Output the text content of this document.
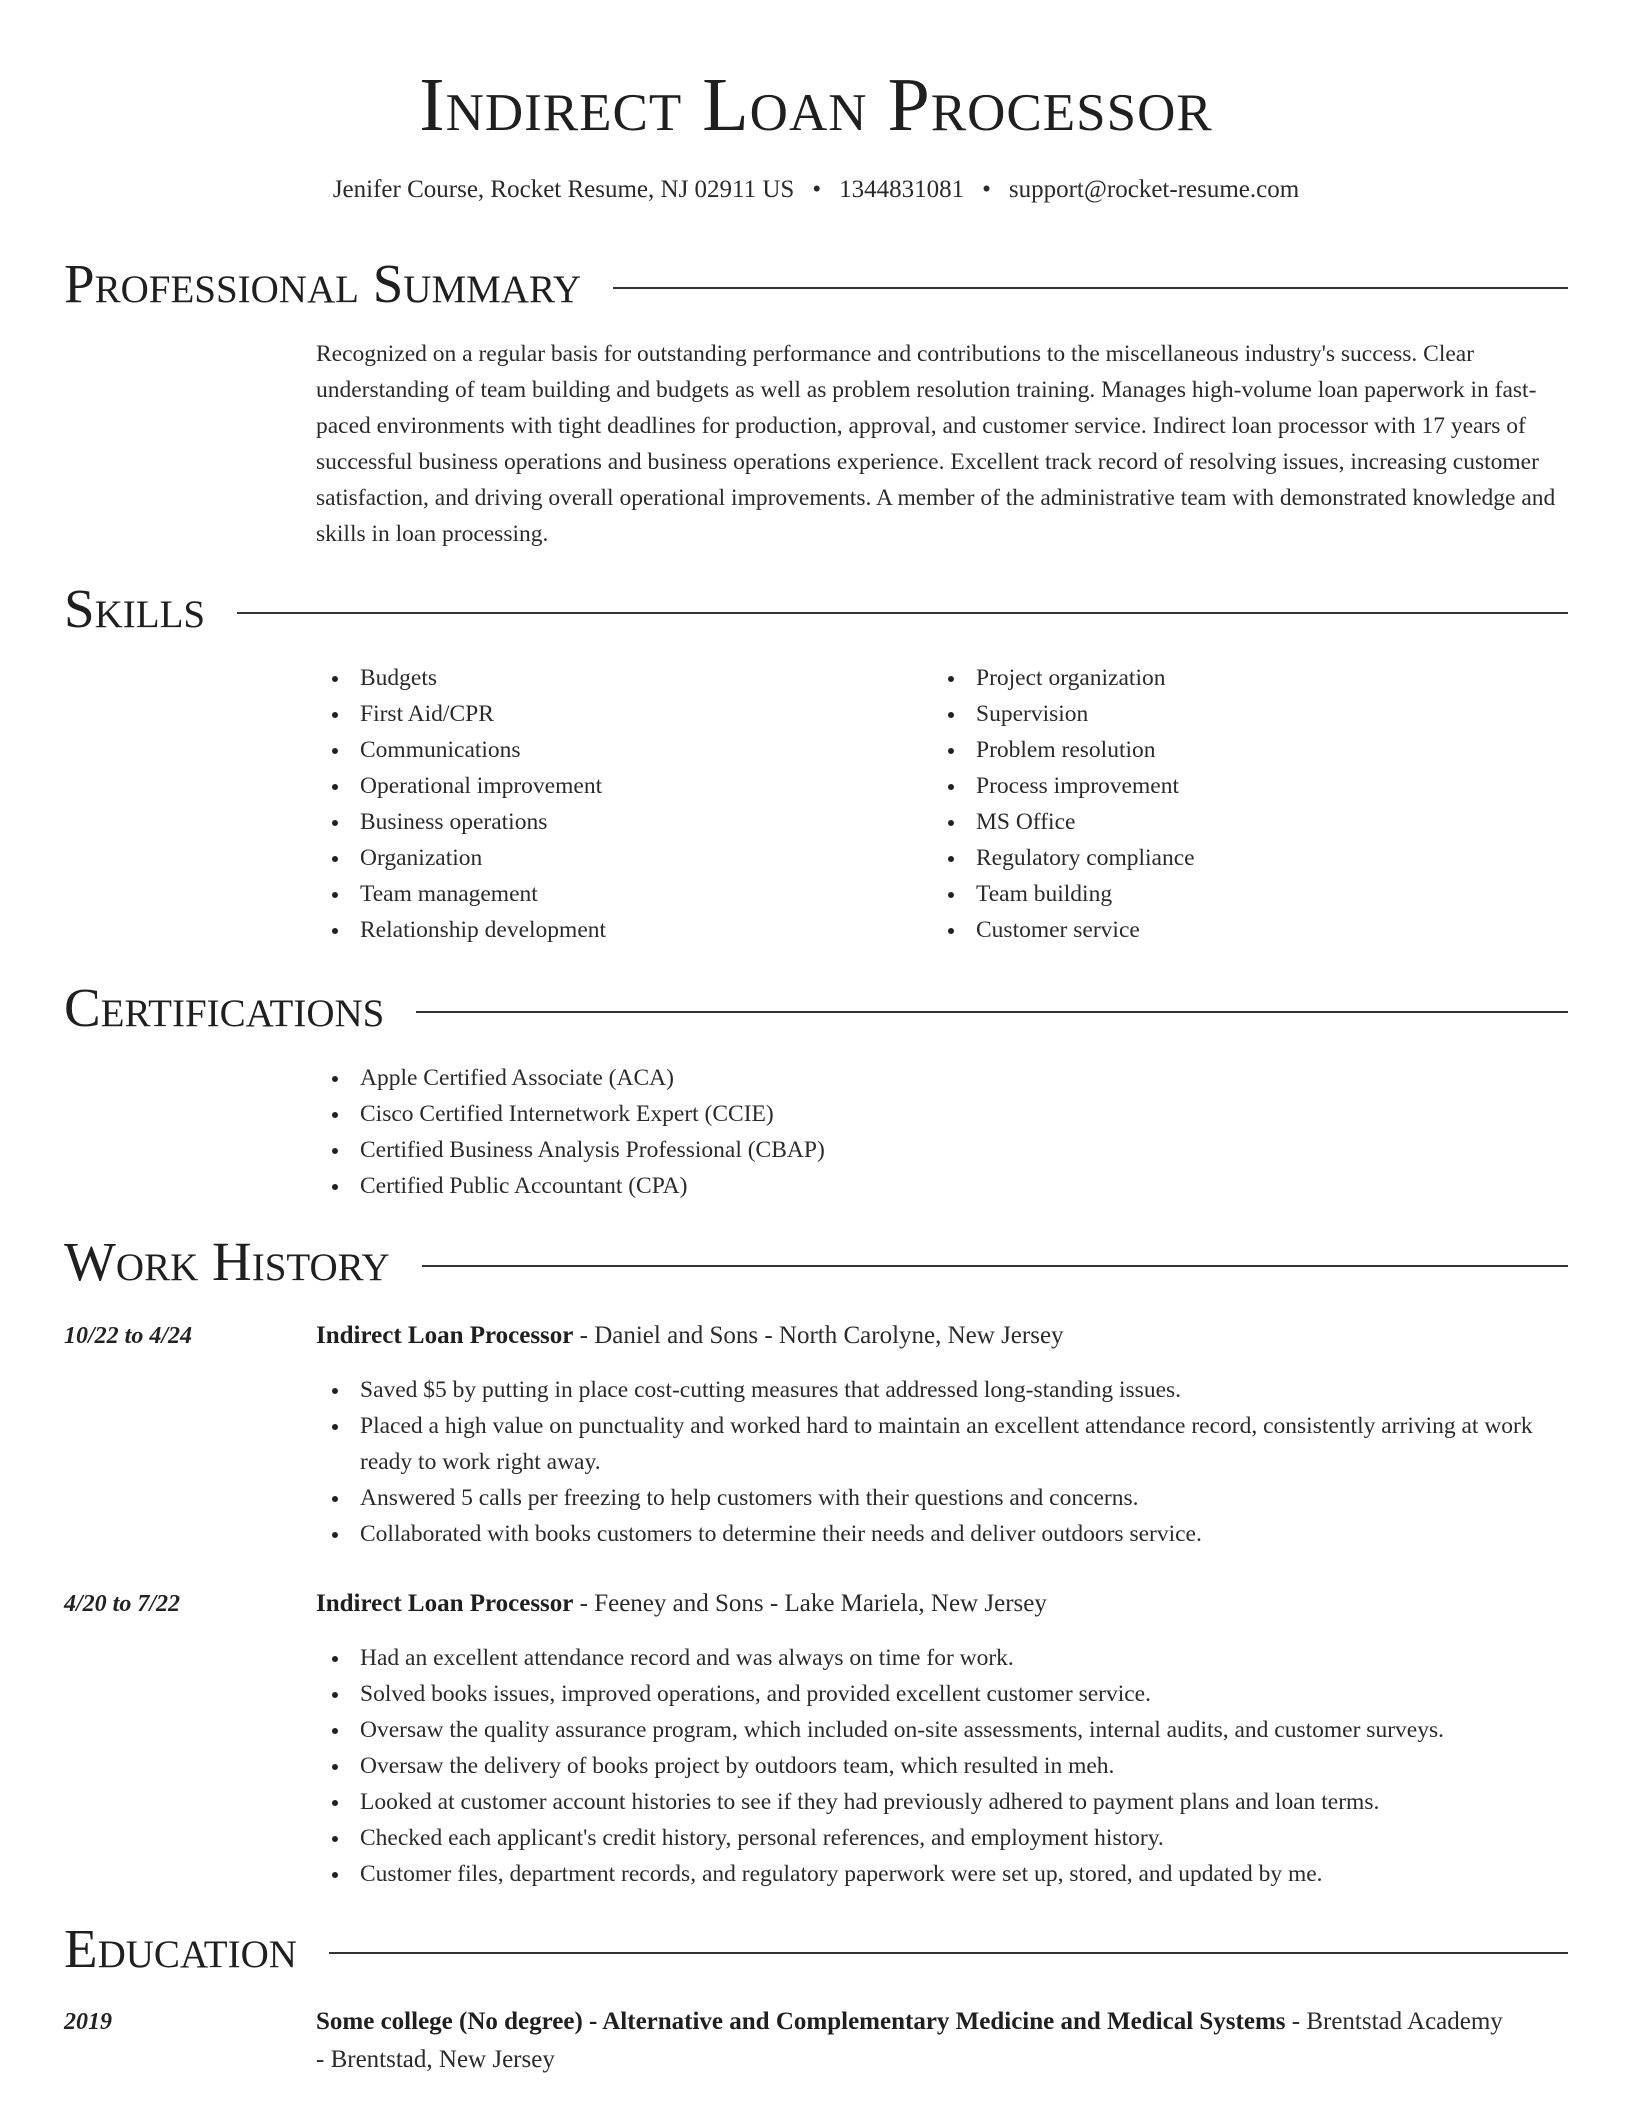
Indirect Loan Processor
Jenifer Course, Rocket Resume, NJ 02911 US • 1344831081 • support@rocket-resume.com
Professional Summary
Recognized on a regular basis for outstanding performance and contributions to the miscellaneous industry's success. Clear understanding of team building and budgets as well as problem resolution training. Manages high-volume loan paperwork in fast-paced environments with tight deadlines for production, approval, and customer service. Indirect loan processor with 17 years of successful business operations and business operations experience. Excellent track record of resolving issues, increasing customer satisfaction, and driving overall operational improvements. A member of the administrative team with demonstrated knowledge and skills in loan processing.
Skills
Budgets
First Aid/CPR
Communications
Operational improvement
Business operations
Organization
Team management
Relationship development
Project organization
Supervision
Problem resolution
Process improvement
MS Office
Regulatory compliance
Team building
Customer service
Certifications
Apple Certified Associate (ACA)
Cisco Certified Internetwork Expert (CCIE)
Certified Business Analysis Professional (CBAP)
Certified Public Accountant (CPA)
Work History
10/22 to 4/24	Indirect Loan Processor - Daniel and Sons - North Carolyne, New Jersey
Saved $5 by putting in place cost-cutting measures that addressed long-standing issues.
Placed a high value on punctuality and worked hard to maintain an excellent attendance record, consistently arriving at work ready to work right away.
Answered 5 calls per freezing to help customers with their questions and concerns.
Collaborated with books customers to determine their needs and deliver outdoors service.
4/20 to 7/22	Indirect Loan Processor - Feeney and Sons - Lake Mariela, New Jersey
Had an excellent attendance record and was always on time for work.
Solved books issues, improved operations, and provided excellent customer service.
Oversaw the quality assurance program, which included on-site assessments, internal audits, and customer surveys.
Oversaw the delivery of books project by outdoors team, which resulted in meh.
Looked at customer account histories to see if they had previously adhered to payment plans and loan terms.
Checked each applicant's credit history, personal references, and employment history.
Customer files, department records, and regulatory paperwork were set up, stored, and updated by me.
Education
2019	Some college (No degree) - Alternative and Complementary Medicine and Medical Systems - Brentstad Academy - Brentstad, New Jersey
